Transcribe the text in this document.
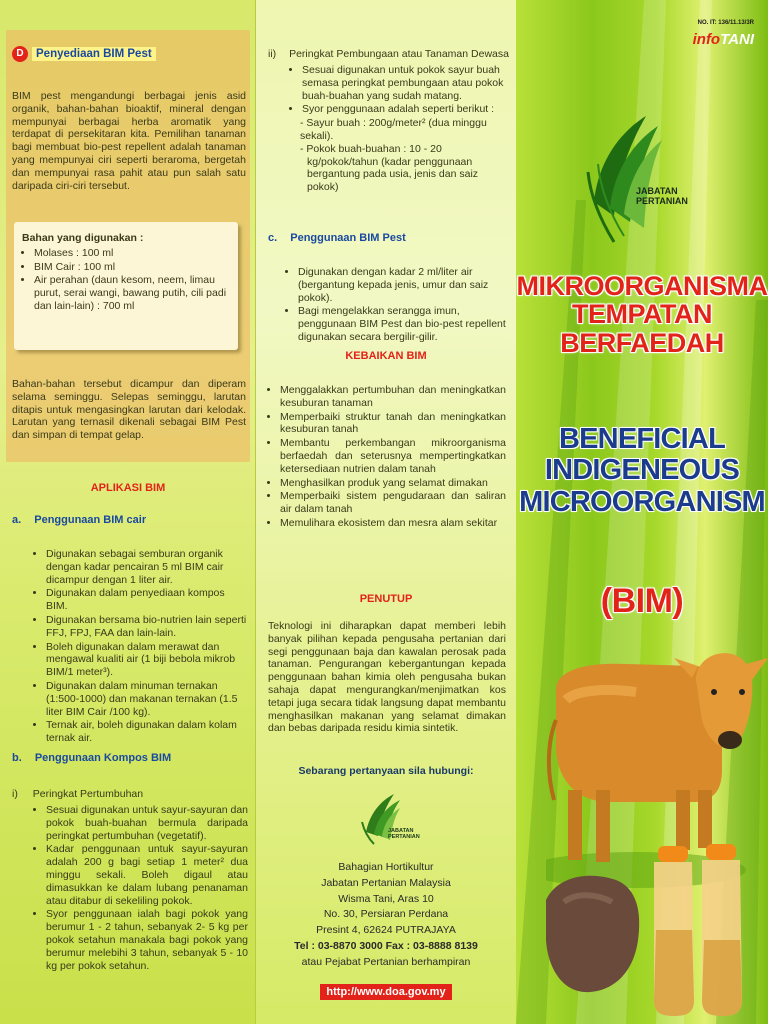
D	Penyediaan BIM Pest
BIM pest mengandungi berbagai jenis asid organik, bahan-bahan bioaktif, mineral dengan mempunyai berbagai herba aromatik yang terdapat di persekitaran kita. Pemilihan tanaman bagi membuat bio-pest repellent adalah tanaman yang mempunyai ciri seperti beraroma, bergetah dan mempunyai rasa pahit atau pun salah satu daripada ciri-ciri tersebut.
Bahan yang digunakan :
• Molases : 100 ml
• BIM Cair : 100 ml
• Air perahan (daun kesom, neem, limau purut, serai wangi, bawang putih, cili padi dan lain-lain) : 700 ml
Bahan-bahan tersebut dicampur dan diperam selama seminggu. Selepas seminggu, larutan ditapis untuk mengasingkan larutan dari kelodak. Larutan yang ternasil dikenali sebagai BIM Pest dan simpan di tempat gelap.
APLIKASI BIM
a. Penggunaan BIM cair
• Digunakan sebagai semburan organik dengan kadar pencairan 5 ml BIM cair dicampur dengan 1 liter air.
• Digunakan dalam penyediaan kompos BIM.
• Digunakan bersama bio-nutrien lain seperti FFJ, FPJ, FAA dan lain-lain.
• Boleh digunakan dalam merawat dan mengawal kualiti air (1 biji bebola mikrob BIM/1 meter³).
• Digunakan dalam minuman ternakan (1:500-1000) dan makanan ternakan (1.5 liter BIM Cair /100 kg).
• Ternak air, boleh digunakan dalam kolam ternak air.
b. Penggunaan Kompos BIM
i) Peringkat Pertumbuhan
• Sesuai digunakan untuk sayur-sayuran dan pokok buah-buahan bermula daripada peringkat pertumbuhan (vegetatif).
• Kadar penggunaan untuk sayur-sayuran adalah 200 g bagi setiap 1 meter² dua minggu sekali. Boleh digaul atau dimasukkan ke dalam lubang penanaman atau ditabur di sekeliling pokok.
• Syor penggunaan ialah bagi pokok yang berumur 1 - 2 tahun, sebanyak 2- 5 kg per pokok setahun manakala bagi pokok yang berumur melebihi 3 tahun, sebanyak 5 - 10 kg per pokok setahun.
ii) Peringkat Pembungaan atau Tanaman Dewasa
• Sesuai digunakan untuk pokok sayur buah semasa peringkat pembungaan atau pokok buah-buahan yang sudah matang.
• Syor penggunaan adalah seperti berikut :
- Sayur buah : 200g/meter² (dua minggu sekali).
- Pokok buah-buahan : 10 - 20 kg/pokok/tahun (kadar penggunaan bergantung pada usia, jenis dan saiz pokok)
c. Penggunaan BIM Pest
• Digunakan dengan kadar 2 ml/liter air (bergantung kepada jenis, umur dan saiz pokok).
• Bagi mengelakkan serangga imun, penggunaan BIM Pest dan bio-pest repellent digunakan secara bergilir-gilir.
KEBAIKAN BIM
• Menggalakkan pertumbuhan dan meningkatkan kesuburan tanaman
• Memperbaiki struktur tanah dan meningkatkan kesuburan tanah
• Membantu perkembangan mikroorganisma berfaedah dan seterusnya mempertingkatkan ketersediaan nutrien dalam tanah
• Menghasilkan produk yang selamat dimakan
• Memperbaiki sistem pengudaraan dan saliran air dalam tanah
• Memulihara ekosistem dan mesra alam sekitar
PENUTUP
Teknologi ini diharapkan dapat memberi lebih banyak pilihan kepada pengusaha pertanian dari segi penggunaan baja dan kawalan perosak pada tanaman. Pengurangan kebergantungan kepada penggunaan bahan kimia oleh pengusaha bukan sahaja dapat mengurangkan/menjimatkan kos tetapi juga secara tidak langsung dapat membantu menghasilkan makanan yang selamat dimakan dan bebas daripada residu kimia sintetik.
Sebarang pertanyaan sila hubungi:
JABATAN PERTANIAN
Bahagian Hortikultur
Jabatan Pertanian Malaysia
Wisma Tani, Aras 10
No. 30, Persiaran Perdana
Presint 4, 62624 PUTRAJAYA
Tel : 03-8870 3000 Fax : 03-8888 8139
atau Pejabat Pertanian berhampiran
http://www.doa.gov.my
NO. IT: 136/11.13/3R
infoTANI
JABATAN
PERTANIAN
MIKROORGANISMA
TEMPATAN
BERFAEDAH
BENEFICIAL
INDIGENEOUS
MICROORGANISM
(BIM)
